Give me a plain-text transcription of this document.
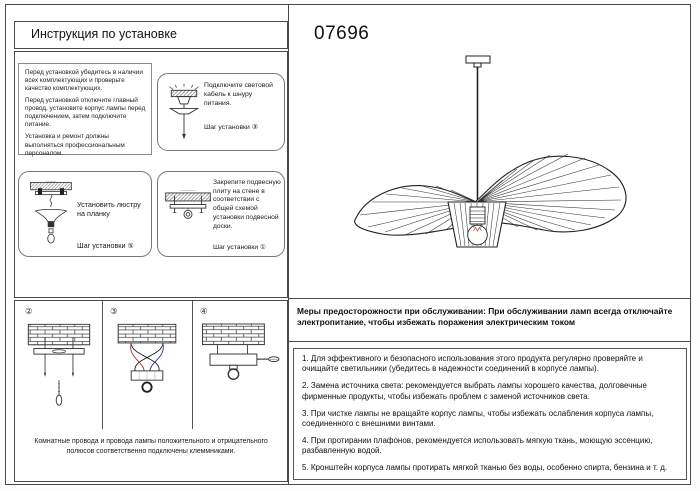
Инструкция по установке	07696

Перед установкой убедитесь в наличии всех комплектующих и проверьте качество комплектующих.

Перед установкой отключите главный провод, установите корпус лампы перед подключением, затем подключите питание.

Установка и ремонт должны выполняться профессиональным персоналом.

Подключите световой кабель к шнуру питания.
Шаг установки ③
Установить люстру на планку
Шаг установки ⑤
Закрепите подвесную плиту на стене в соответствии с общей схемой установки подвесной доски.
Шаг установки ①
②	③	④
Комнатные провода и провода лампы положительного и отрицательного полюсов соответственно подключены клеммниками.
Меры предосторожности при обслуживании: При обслуживании ламп всегда отключайте электропитание, чтобы избежать поражения электрическим током

1. Для эффективного и безопасного использования этого продукта регулярно проверяйте и очищайте светильники (убедитесь в надежности соединений в корпусе лампы).

2. Замена источника света: рекомендуется выбрать лампы хорошего качества, долговечные фирменные продукты, чтобы избежать проблем с заменой источников света.

3. При чистке лампы не вращайте корпус лампы, чтобы избежать ослабления корпуса лампы, соединенного с внешними винтами.

4. При протирании плафонов, рекомендуется использовать мягкую ткань, моющую эссенцию, разбавленную водой.

5. Кронштейн корпуса лампы протирать мягкой тканью без воды, особенно спирта, бензина и т. д.
